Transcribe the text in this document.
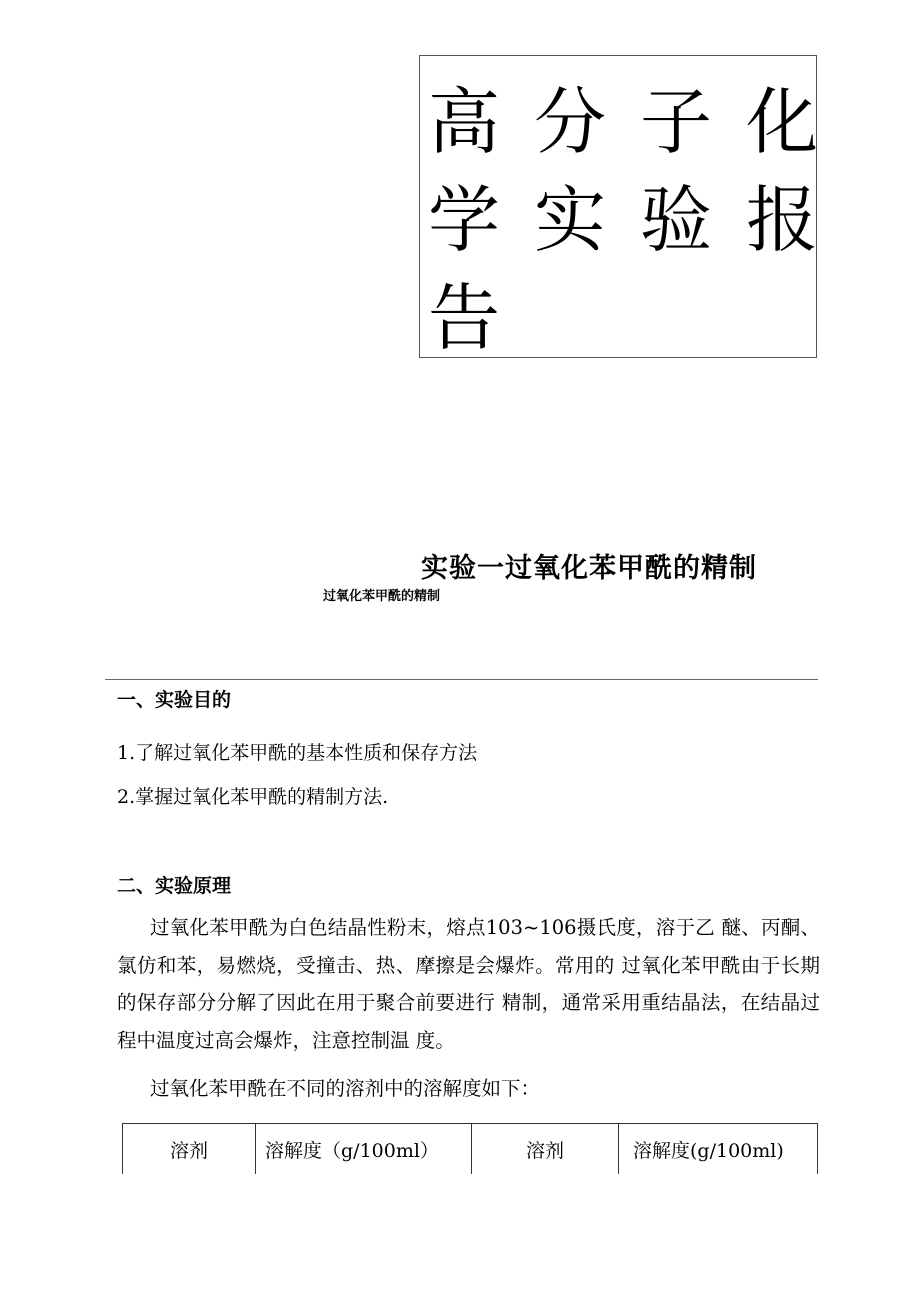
高 分 子 化
学 实 验 报
告
实验一过氧化苯甲酰的精制
过氧化苯甲酰的精制
一、实验目的
1.了解过氧化苯甲酰的基本性质和保存方法
2.掌握过氧化苯甲酰的精制方法.
二、实验原理
过氧化苯甲酰为白色结晶性粉末，熔点103~106摄氏度，溶于乙 醚、丙酮、氯仿和苯，易燃烧，受撞击、热、摩擦是会爆炸。常用的 过氧化苯甲酰由于长期的保存部分分解了因此在用于聚合前要进行 精制，通常采用重结晶法，在结晶过程中温度过高会爆炸，注意控制温 度。
过氧化苯甲酰在不同的溶剂中的溶解度如下：
溶剂	溶解度（g/100ml）	溶剂	溶解度(g/100ml)
